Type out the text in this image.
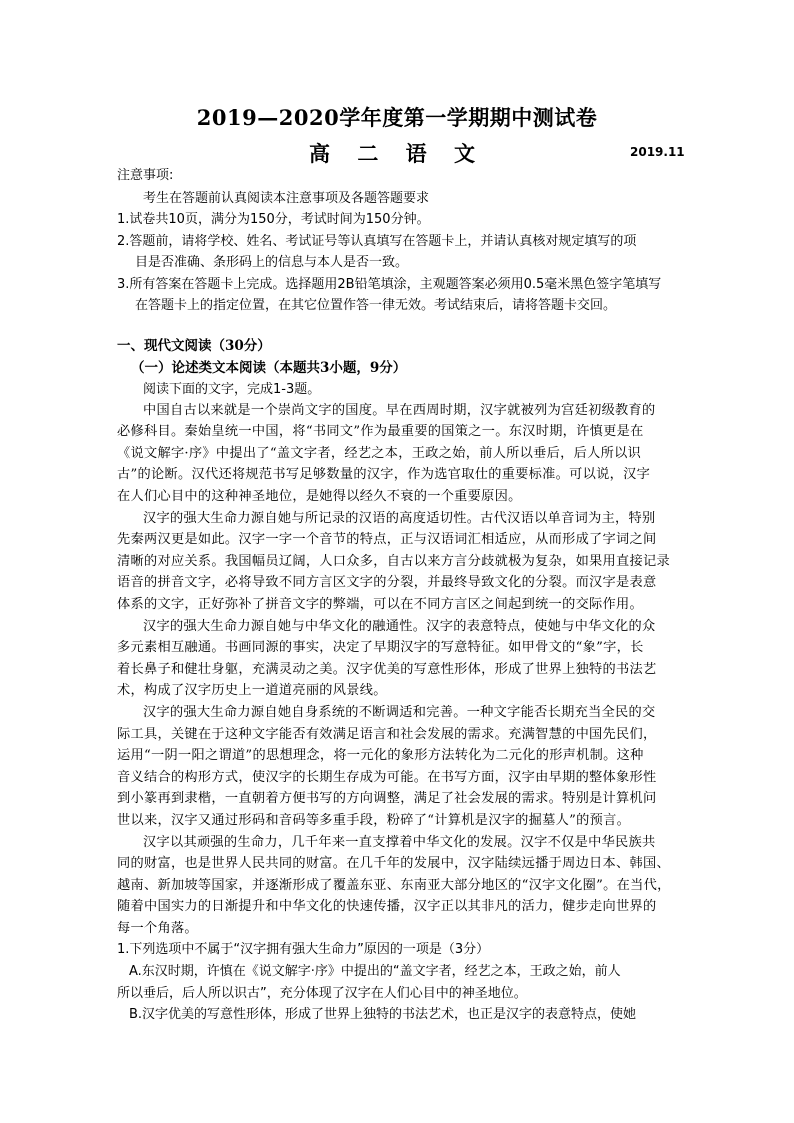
2019—2020学年度第一学期期中测试卷
高 二 语 文	2019.11
注意事项:
考生在答题前认真阅读本注意事项及各题答题要求
1.试卷共10页，满分为150分，考试时间为150分钟。
2.答题前，请将学校、姓名、考试证号等认真填写在答题卡上，并请认真核对规定填写的项
目是否准确、条形码上的信息与本人是否一致。
3.所有答案在答题卡上完成。选择题用2B铅笔填涂，主观题答案必须用0.5毫米黑色签字笔填写
在答题卡上的指定位置，在其它位置作答一律无效。考试结束后，请将答题卡交回。
一、现代文阅读（30分）
（一）论述类文本阅读（本题共3小题，9分）
阅读下面的文字，完成1-3题。
中国自古以来就是一个崇尚文字的国度。早在西周时期，汉字就被列为宫廷初级教育的
必修科目。秦始皇统一中国，将“书同文”作为最重要的国策之一。东汉时期，许慎更是在
《说文解字·序》中提出了“盖文字者，经艺之本，王政之始，前人所以垂后，后人所以识
古”的论断。汉代还将规范书写足够数量的汉字，作为选官取仕的重要标准。可以说，汉字
在人们心目中的这种神圣地位，是她得以经久不衰的一个重要原因。
汉字的强大生命力源自她与所记录的汉语的高度适切性。古代汉语以单音词为主，特别
先秦两汉更是如此。汉字一字一个音节的特点，正与汉语词汇相适应，从而形成了字词之间
清晰的对应关系。我国幅员辽阔，人口众多，自古以来方言分歧就极为复杂，如果用直接记录
语音的拼音文字，必将导致不同方言区文字的分裂，并最终导致文化的分裂。而汉字是表意
体系的文字，正好弥补了拼音文字的弊端，可以在不同方言区之间起到统一的交际作用。
汉字的强大生命力源自她与中华文化的融通性。汉字的表意特点，使她与中华文化的众
多元素相互融通。书画同源的事实，决定了早期汉字的写意特征。如甲骨文的“象”字，长
着长鼻子和健壮身躯，充满灵动之美。汉字优美的写意性形体，形成了世界上独特的书法艺
术，构成了汉字历史上一道道亮丽的风景线。
汉字的强大生命力源自她自身系统的不断调适和完善。一种文字能否长期充当全民的交
际工具，关键在于这种文字能否有效满足语言和社会发展的需求。充满智慧的中国先民们，
运用“一阴一阳之谓道”的思想理念，将一元化的象形方法转化为二元化的形声机制。这种
音义结合的构形方式，使汉字的长期生存成为可能。在书写方面，汉字由早期的整体象形性
到小篆再到隶楷，一直朝着方便书写的方向调整，满足了社会发展的需求。特别是计算机问
世以来，汉字又通过形码和音码等多重手段，粉碎了“计算机是汉字的掘墓人”的预言。
汉字以其顽强的生命力，几千年来一直支撑着中华文化的发展。汉字不仅是中华民族共
同的财富，也是世界人民共同的财富。在几千年的发展中，汉字陆续远播于周边日本、韩国、
越南、新加坡等国家，并逐渐形成了覆盖东亚、东南亚大部分地区的“汉字文化圈”。在当代，
随着中国实力的日渐提升和中华文化的快速传播，汉字正以其非凡的活力，健步走向世界的
每一个角落。
1.下列选项中不属于“汉字拥有强大生命力”原因的一项是（3分）
A.东汉时期，许慎在《说文解字·序》中提出的“盖文字者，经艺之本，王政之始，前人
所以垂后，后人所以识古”，充分体现了汉字在人们心目中的神圣地位。
B.汉字优美的写意性形体，形成了世界上独特的书法艺术，也正是汉字的表意特点，使她
